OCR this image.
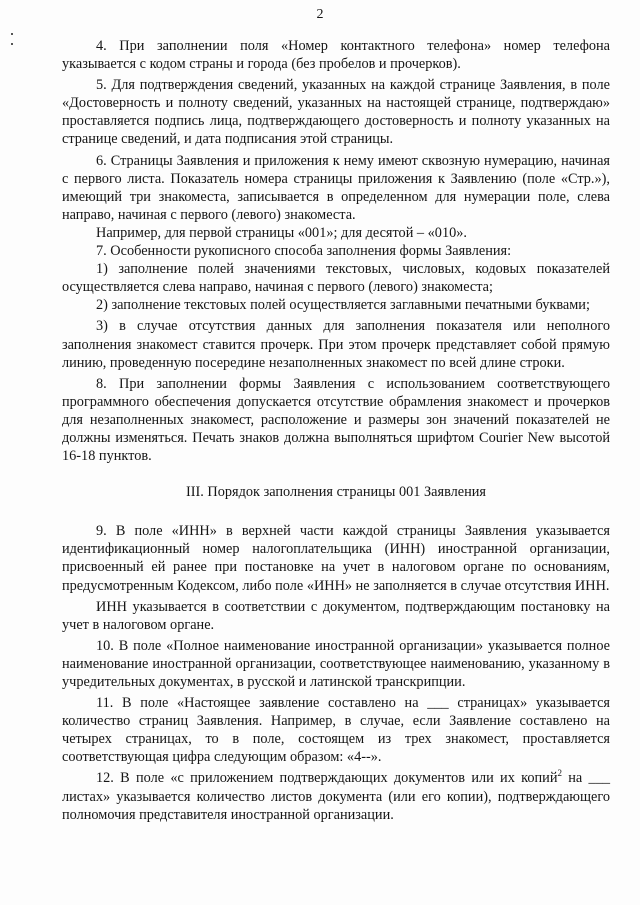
2

4. При заполнении поля «Номер контактного телефона» номер телефона указывается с кодом страны и города (без пробелов и прочерков).

5. Для подтверждения сведений, указанных на каждой странице Заявления, в поле «Достоверность и полноту сведений, указанных на настоящей странице, подтверждаю» проставляется подпись лица, подтверждающего достоверность и полноту указанных на странице сведений, и дата подписания этой страницы.

6. Страницы Заявления и приложения к нему имеют сквозную нумерацию, начиная с первого листа. Показатель номера страницы приложения к Заявлению (поле «Стр.»), имеющий три знакоместа, записывается в определенном для нумерации поле, слева направо, начиная с первого (левого) знакоместа.

Например, для первой страницы «001»; для десятой – «010».

7. Особенности рукописного способа заполнения формы Заявления:

1) заполнение полей значениями текстовых, числовых, кодовых показателей осуществляется слева направо, начиная с первого (левого) знакоместа;

2) заполнение текстовых полей осуществляется заглавными печатными буквами;

3) в случае отсутствия данных для заполнения показателя или неполного заполнения знакомест ставится прочерк. При этом прочерк представляет собой прямую линию, проведенную посередине незаполненных знакомест по всей длине строки.

8. При заполнении формы Заявления с использованием соответствующего программного обеспечения допускается отсутствие обрамления знакомест и прочерков для незаполненных знакомест, расположение и размеры зон значений показателей не должны изменяться. Печать знаков должна выполняться шрифтом Courier New высотой 16-18 пунктов.

III. Порядок заполнения страницы 001 Заявления

9. В поле «ИНН» в верхней части каждой страницы Заявления указывается идентификационный номер налогоплательщика (ИНН) иностранной организации, присвоенный ей ранее при постановке на учет в налоговом органе по основаниям, предусмотренным Кодексом, либо поле «ИНН» не заполняется в случае отсутствия ИНН.

ИНН указывается в соответствии с документом, подтверждающим постановку на учет в налоговом органе.

10. В поле «Полное наименование иностранной организации» указывается полное наименование иностранной организации, соответствующее наименованию, указанному в учредительных документах, в русской и латинской транскрипции.

11. В поле «Настоящее заявление составлено на ___ страницах» указывается количество страниц Заявления. Например, в случае, если Заявление составлено на четырех страницах, то в поле, состоящем из трех знакомест, проставляется соответствующая цифра следующим образом: «4--».

12. В поле «с приложением подтверждающих документов или их копий$^2$ на ___ листах» указывается количество листов документа (или его копии), подтверждающего полномочия представителя иностранной организации.
